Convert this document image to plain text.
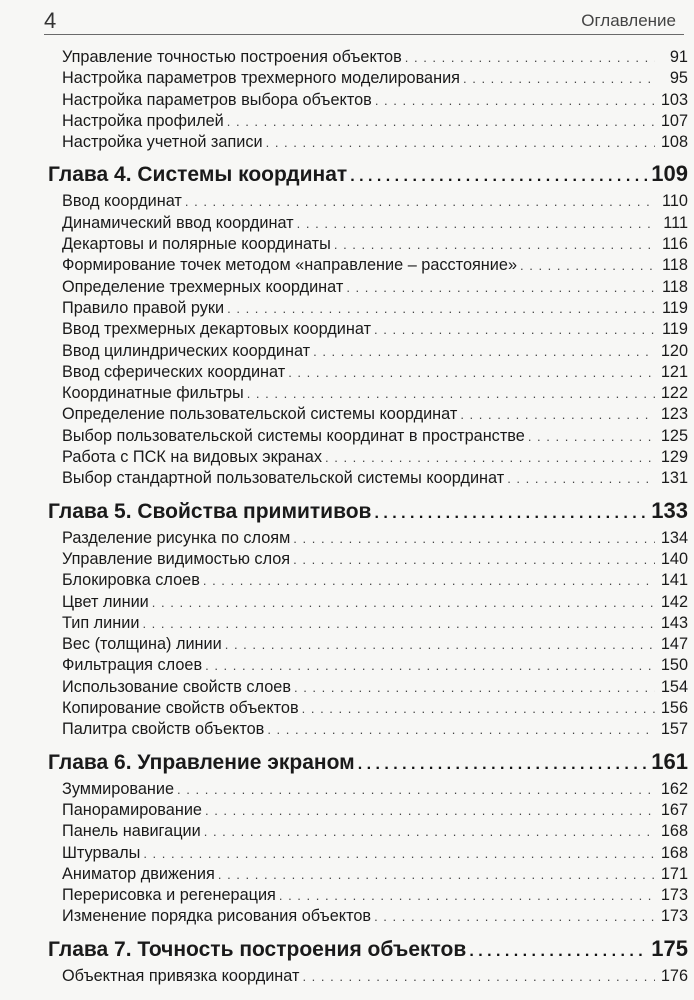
4	Оглавление
Управление точностью построения объектов . . .	91
Настройка параметров трехмерного моделирования . . .	95
Настройка параметров выбора объектов . . .	103
Настройка профилей . . .	107
Настройка учетной записи . . .	108
Глава 4. Системы координат . . .	109
Ввод координат . . .	110
Динамический ввод координат . . .	111
Декартовы и полярные координаты . . .	116
Формирование точек методом «направление – расстояние» . . .	118
Определение трехмерных координат . . .	118
Правило правой руки . . .	119
Ввод трехмерных декартовых координат . . .	119
Ввод цилиндрических координат . . .	120
Ввод сферических координат . . .	121
Координатные фильтры . . .	122
Определение пользовательской системы координат . . .	123
Выбор пользовательской системы координат в пространстве . . .	125
Работа с ПСК на видовых экранах . . .	129
Выбор стандартной пользовательской системы координат . . .	131
Глава 5. Свойства примитивов . . .	133
Разделение рисунка по слоям . . .	134
Управление видимостью слоя . . .	140
Блокировка слоев . . .	141
Цвет линии . . .	142
Тип линии . . .	143
Вес (толщина) линии . . .	147
Фильтрация слоев . . .	150
Использование свойств слоев . . .	154
Копирование свойств объектов . . .	156
Палитра свойств объектов . . .	157
Глава 6. Управление экраном . . .	161
Зуммирование . . .	162
Панорамирование . . .	167
Панель навигации . . .	168
Штурвалы . . .	168
Аниматор движения . . .	171
Перерисовка и регенерация . . .	173
Изменение порядка рисования объектов . . .	173
Глава 7. Точность построения объектов . . .	175
Объектная привязка координат . . .	176
